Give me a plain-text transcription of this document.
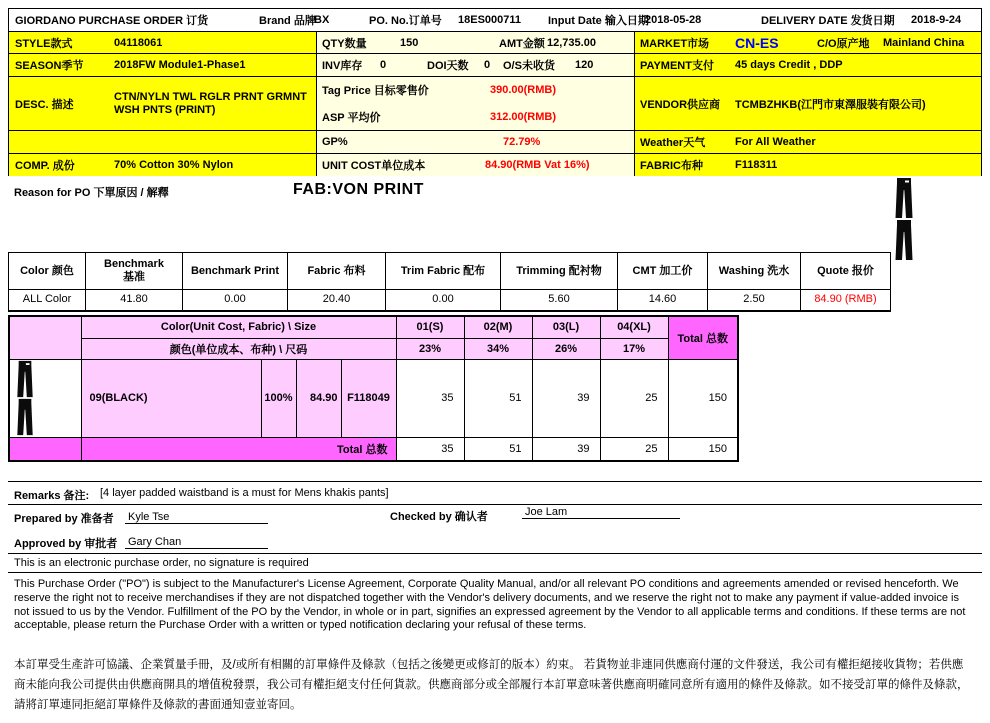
GIORDANO PURCHASE ORDER 订货	Brand 品牌
BX	PO. No.订单号 18ES000711 Input Date 输入日期
2018-05-28	DELIVERY DATE 发货日期 2018-9-24
STYLE款式	04118061	QTY数量	150	AMT金额 12,735.00	MARKET市场 CN-ES	C/O原产地 Mainland China
SEASON季节	2018FW Module1-Phase1	INV库存 0	DOI天数 0 O/S未收货 120	PAYMENT支付 45 days Credit , DDP
DESC. 描述
CTN/NYLN TWL RGLR PRNT GRMNT WSH PNTS (PRINT)
Tag Price 目标零售价	390.00(RMB)
ASP 平均价	312.00(RMB)
VENDOR供应商 TCMBZHKB(江門市東澤服裝有限公司)
GP%	72.79%	Weather天气	For All Weather
COMP. 成份	70% Cotton 30% Nylon	UNIT COST单位成本	84.90(RMB Vat 16%)	FABRIC布种	F118311
Reason for PO 下單原因 / 解釋	FAB:VON PRINT
Color 颜色	Benchmark 基准	Benchmark Print	Fabric 布料	Trim Fabric 配布	Trimming 配衬物	CMT 加工价	Washing 洗水	Quote 报价
ALL Color	41.80	0.00	20.40	0.00	5.60	14.60	2.50	84.90 (RMB)
	Color(Unit Cost, Fabric) \ Size				01(S)	02(M)	03(L)	04(XL)	Total 总数
	颜色(单位成本、布种) \ 尺码				23%	34%	26%	17%	

	09(BLACK)	100%	84.90	F118049	35	51	39	25	150
	Total 总数				35	51	39	25	150
Remarks 备注: [4 layer padded waistband is a must for Mens khakis pants]
Prepared by 准备者 Kyle Tse	Checked by 确认者	Joe Lam
Approved by 审批者 Gary Chan
This is an electronic purchase order, no signature is required
This Purchase Order ("PO") is subject to the Manufacturer's License Agreement, Corporate Quality Manual, and/or all relevant PO conditions and agreements amended or revised henceforth. We reserve the right not to receive merchandises if they are not dispatched together with the Vendor's delivery documents, and we reserve the right not to make any payment if value-added invoice is not issued to us by the Vendor. Fulfillment of the PO by the Vendor, in whole or in part, signifies an expressed agreement by the Vendor to all applicable terms and conditions. If these terms are not acceptable, please return the Purchase Order with a written or typed notification declaring your refusal of these terms.
本訂單受生產許可協議、企業質量手冊，及/或所有相關的訂單條件及條款（包括之後變更或修訂的版本）約束。 若貨物並非連同供應商付運的文件發送，我公司有權拒絕接收貨物；若供應商未能向我公司提供由供應商開具的增值稅發票，我公司有權拒絕支付任何貨款。供應商部分或全部履行本訂單意味著供應商明確同意所有適用的條件及條款。如不接受訂單的條件及條款，請將訂單連同拒絕訂單條件及條款的書面通知壹並寄回。
